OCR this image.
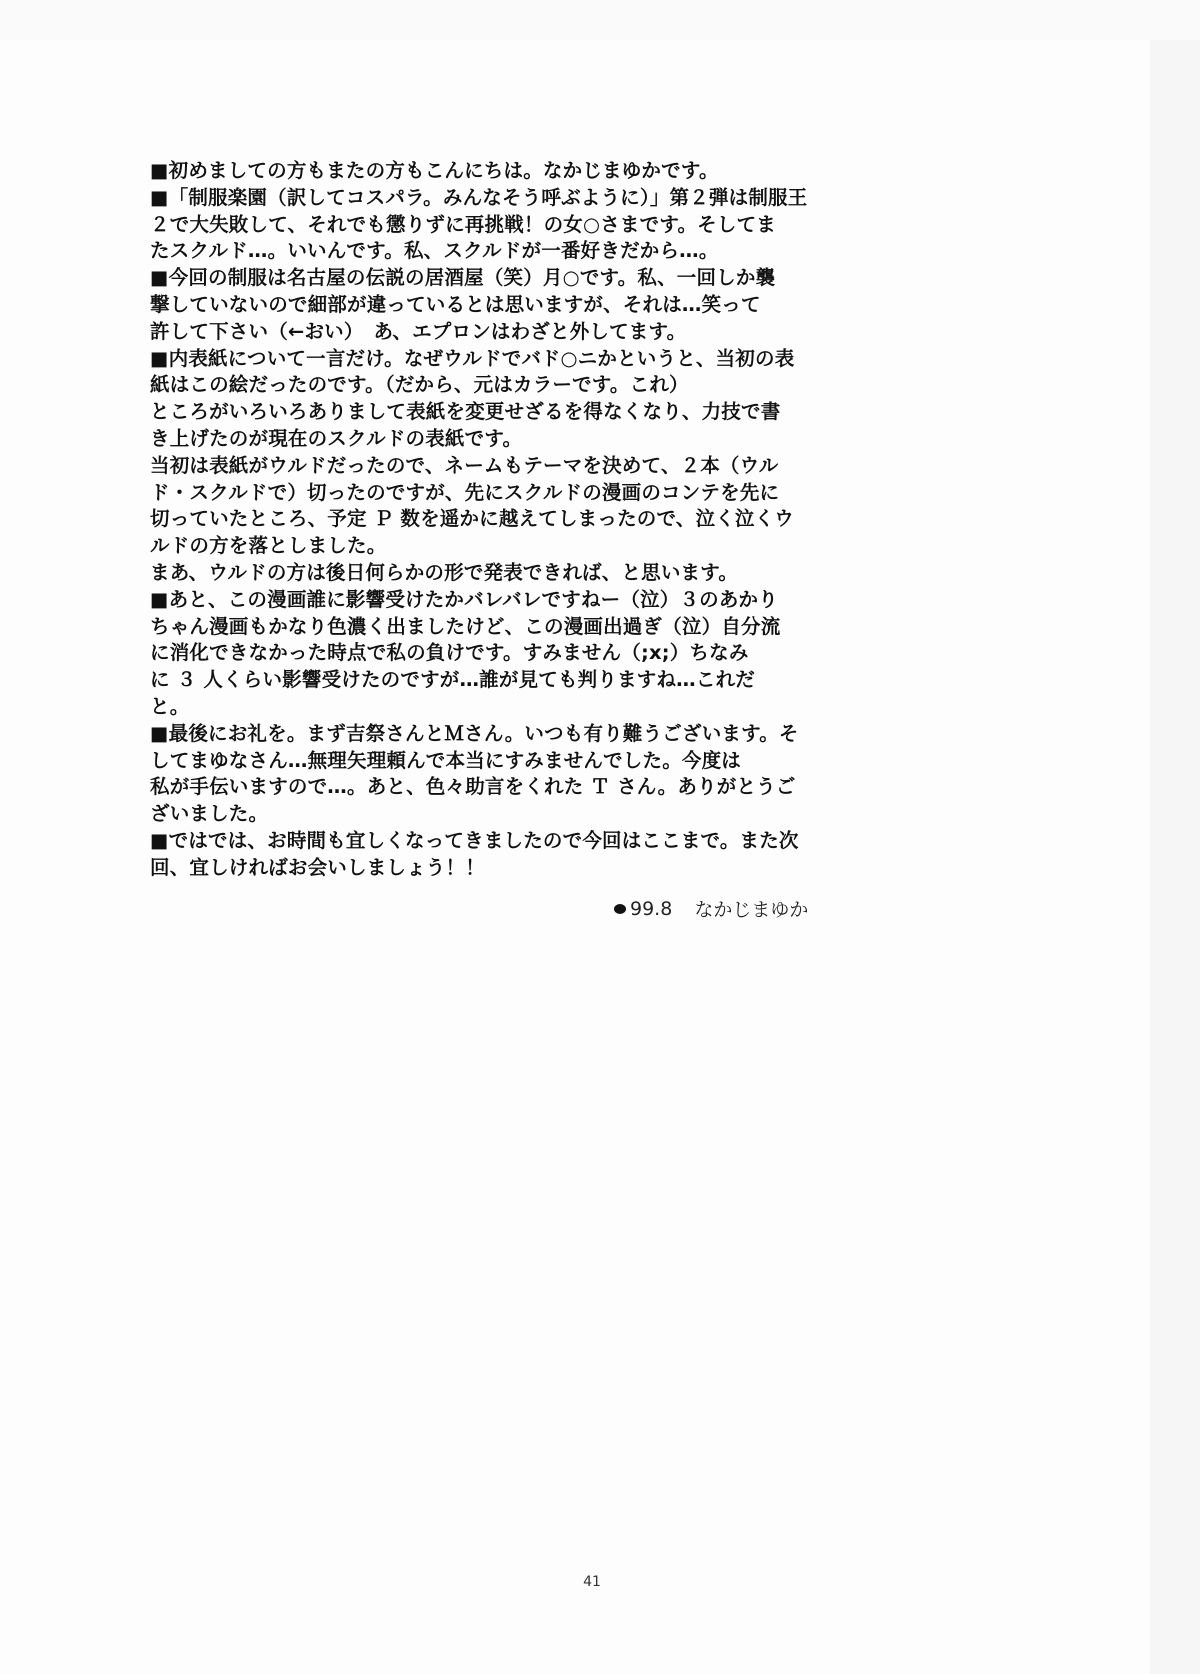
■初めましての方もまたの方もこんにちは。なかじまゆかです。

■「制服楽園（訳してコスパラ。みんなそう呼ぶように）」第２弾は制服王
２で大失敗して、それでも懲りずに再挑戦！の女○さまです。そしてま
たスクルド…。いいんです。私、スクルドが一番好きだから…。

■今回の制服は名古屋の伝説の居酒屋（笑）月○です。私、一回しか襲
撃していないので細部が違っているとは思いますが、それは…笑って
許して下さい（←おい）　あ、エプロンはわざと外してます。

■内表紙について一言だけ。なぜウルドでバド○ニかというと、当初の表
紙はこの絵だったのです。（だから、元はカラーです。これ）
ところがいろいろありまして表紙を変更せざるを得なくなり、力技で書
き上げたのが現在のスクルドの表紙です。
当初は表紙がウルドだったので、ネームもテーマを決めて、２本（ウル
ド・スクルドで）切ったのですが、先にスクルドの漫画のコンテを先に
切っていたところ、予定 Ｐ 数を遥かに越えてしまったので、泣く泣くウ
ルドの方を落としました。
まあ、ウルドの方は後日何らかの形で発表できれば、と思います。

■あと、この漫画誰に影響受けたかバレバレですねー（泣）３のあかり
ちゃん漫画もかなり色濃く出ましたけど、この漫画出過ぎ（泣）自分流
に消化できなかった時点で私の負けです。すみません（;x;）ちなみ
に ３ 人くらい影響受けたのですが…誰が見ても判りますね…これだ
と。

■最後にお礼を。まず吉祭さんとＭさん。いつも有り難うございます。そ
してまゆなさん…無理矢理頼んで本当にすみませんでした。今度は
私が手伝いますので…。あと、色々助言をくれた Ｔ さん。ありがとうご
ざいました。

■ではでは、お時間も宜しくなってきましたので今回はここまで。また次
回、宜しければお会いしましょう！！

99.8 なかじまゆか
41
